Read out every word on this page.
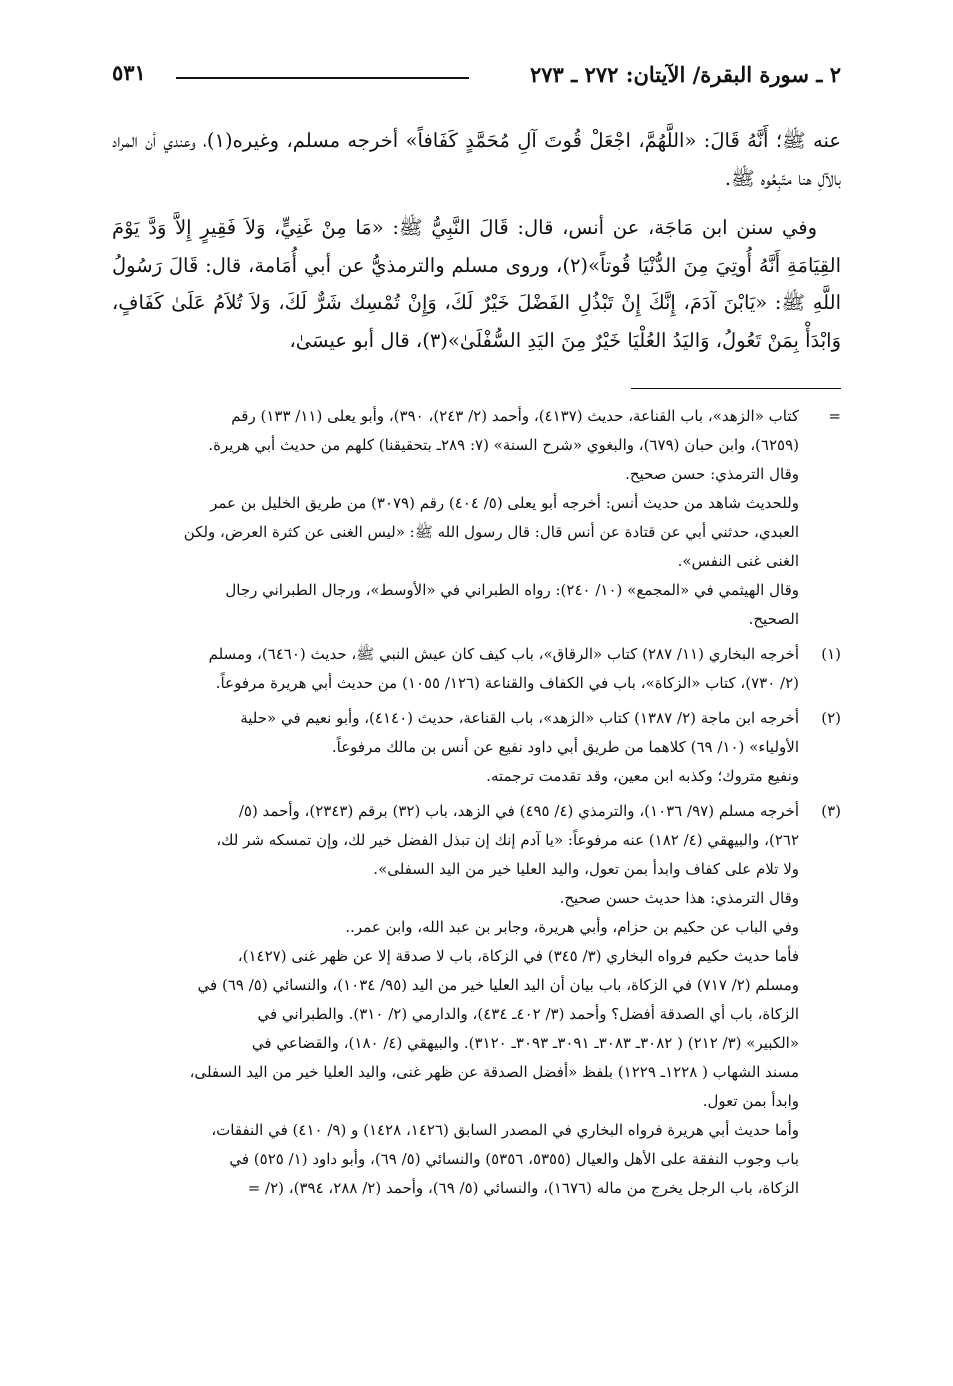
٢ ـ سورة البقرة/ الآيتان: ٢٧٢ ـ ٢٧٣
٥٣١

عنه ﷺ؛ أَنَّهُ قَالَ: «اللَّهُمَّ، اجْعَلْ قُوتَ آلِ مُحَمَّدٍ كَفَافاً» أخرجه مسلم، وغيره(١)، وعندي أن المراد بالآلِ هنا متّبِعُوه ﷺ.

وفي سنن ابن مَاجَة، عن أنس، قال: قَالَ النَّبِيُّ ﷺ: «مَا مِنْ غَنِيٍّ، وَلاَ فَقِيرٍ إِلاَّ وَدَّ يَوْمَ القِيَامَةِ أَنَّهُ أُوتِيَ مِنَ الدُّنْيَا قُوتاً»(٢)، وروى مسلم والترمذيُّ عن أبي أُمَامة، قال: قَالَ رَسُولُ اللَّهِ ﷺ: «يَابْنَ آدَمَ، إِنَّكَ إِنْ تَبْذُلِ الفَضْلَ خَيْرٌ لَكَ، وَإِنْ تُمْسِك شَرٌّ لَكَ، وَلاَ تُلاَمُ عَلَىٰ كَفَافٍ، وَابْدَأْ بِمَنْ تَعُولُ، وَاليَدُ العُلْيَا خَيْرٌ مِنَ اليَدِ السُّفْلَىٰ»(٣)، قال أبو عيسَىٰ،

=
كتاب «الزهد»، باب القناعة، حديث (٤١٣٧)، وأحمد (٢/ ٢٤٣)، ٣٩٠)، وأبو يعلى (١١/ ١٣٣) رقم
(٦٢٥٩)، وابن حبان (٦٧٩)، والبغوي «شرح السنة» (٧: ٢٨٩ـ بتحقيقنا) كلهم من حديث أبي هريرة.
وقال الترمذي: حسن صحيح.
وللحديث شاهد من حديث أنس: أخرجه أبو يعلى (٥/ ٤٠٤) رقم (٣٠٧٩) من طريق الخليل بن عمر
العبدي، حدثني أبي عن قتادة عن أنس قال: قال رسول الله ﷺ: «ليس الغنى عن كثرة العرض، ولكن
الغنى غنى النفس».
وقال الهيثمي في «المجمع» (١٠/ ٢٤٠): رواه الطبراني في «الأوسط»، ورجال الطبراني رجال
الصحيح.
(١)
أخرجه البخاري (١١/ ٢٨٧) كتاب «الرقاق»، باب كيف كان عيش النبي ﷺ، حديث (٦٤٦٠)، ومسلم
(٢/ ٧٣٠)، كتاب «الزكاة»، باب في الكفاف والقناعة (١٢٦/ ١٠٥٥) من حديث أبي هريرة مرفوعاً.
(٢)
أخرجه ابن ماجة (٢/ ١٣٨٧) كتاب «الزهد»، باب القناعة، حديث (٤١٤٠)، وأبو نعيم في «حلية
الأولياء» (١٠/ ٦٩) كلاهما من طريق أبي داود نفيع عن أنس بن مالك مرفوعاً.
ونفيع متروك؛ وكذبه ابن معين، وقد تقدمت ترجمته.
(٣)
أخرجه مسلم (٩٧/ ١٠٣٦)، والترمذي (٤/ ٤٩٥) في الزهد، باب (٣٢) برقم (٢٣٤٣)، وأحمد (٥/
٢٦٢)، والبيهقي (٤/ ١٨٢) عنه مرفوعاً: «يا آدم إنك إن تبذل الفضل خير لك، وإن تمسكه شر لك،
ولا تلام على كفاف وابدأ بمن تعول، واليد العليا خير من اليد السفلى».
وقال الترمذي: هذا حديث حسن صحيح.
وفي الباب عن حكيم بن حزام، وأبي هريرة، وجابر بن عبد الله، وابن عمر..
فأما حديث حكيم فرواه البخاري (٣/ ٣٤٥) في الزكاة، باب لا صدقة إلا عن ظهر غنى (١٤٢٧)،
ومسلم (٢/ ٧١٧) في الزكاة، باب بيان أن اليد العليا خير من اليد (٩٥/ ١٠٣٤)، والنسائي (٥/ ٦٩) في
الزكاة، باب أي الصدقة أفضل؟ وأحمد (٣/ ٤٠٢ـ ٤٣٤)، والدارمي (٢/ ٣١٠). والطبراني في
«الكبير» (٣/ ٢١٢) ( ٣٠٨٢ـ ٣٠٨٣ـ ٣٠٩١ـ ٣٠٩٣ـ ٣١٢٠). والبيهقي (٤/ ١٨٠)، والقضاعي في
مسند الشهاب ( ١٢٢٨ـ ١٢٢٩) بلفظ «أفضل الصدقة عن ظهر غنى، واليد العليا خير من اليد السفلى،
وابدأ بمن تعول.
وأما حديث أبي هريرة فرواه البخاري في المصدر السابق (١٤٢٦، ١٤٢٨) و (٩/ ٤١٠) في النفقات،
باب وجوب النفقة على الأهل والعيال (٥٣٥٥، ٥٣٥٦) والنسائي (٥/ ٦٩)، وأبو داود (١/ ٥٢٥) في
الزكاة، باب الرجل يخرج من ماله (١٦٧٦)، والنسائي (٥/ ٦٩)، وأحمد (٢/ ٢٨٨، ٣٩٤)، (٢/ =
